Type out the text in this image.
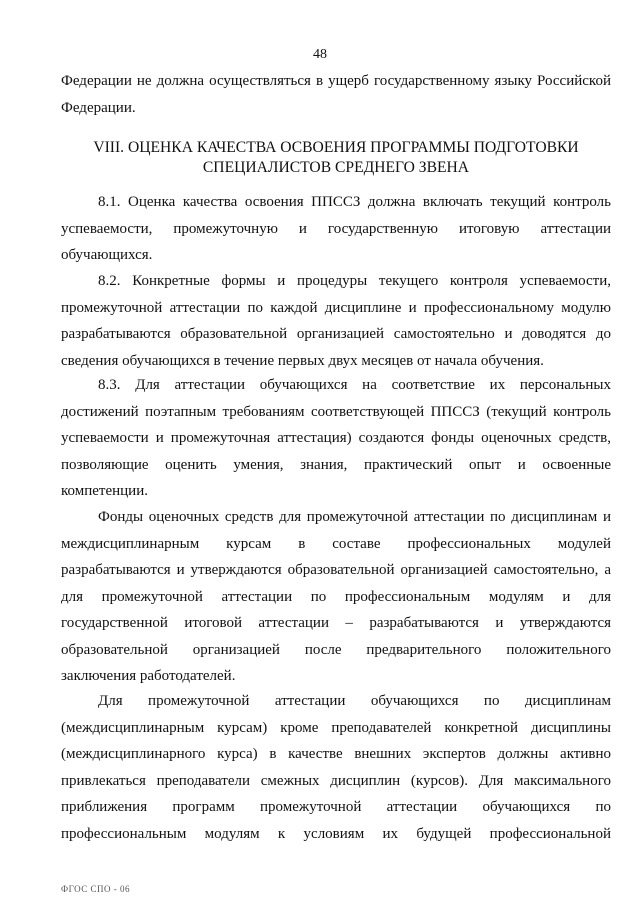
48
Федерации не должна осуществляться в ущерб государственному языку Российской
Федерации.
VIII. ОЦЕНКА КАЧЕСТВА ОСВОЕНИЯ ПРОГРАММЫ ПОДГОТОВКИ
СПЕЦИАЛИСТОВ СРЕДНЕГО ЗВЕНА
8.1. Оценка качества освоения ППССЗ должна включать текущий контроль
успеваемости, промежуточную и государственную итоговую аттестации
обучающихся.
8.2. Конкретные формы и процедуры текущего контроля успеваемости,
промежуточной аттестации по каждой дисциплине и профессиональному модулю
разрабатываются образовательной организацией самостоятельно и доводятся до
сведения обучающихся в течение первых двух месяцев от начала обучения.
8.3. Для аттестации обучающихся на соответствие их персональных
достижений поэтапным требованиям соответствующей ППССЗ (текущий контроль
успеваемости и промежуточная аттестация) создаются фонды оценочных средств,
позволяющие оценить умения, знания, практический опыт и освоенные
компетенции.
Фонды оценочных средств для промежуточной аттестации по дисциплинам и
междисциплинарным курсам в составе профессиональных модулей
разрабатываются и утверждаются образовательной организацией самостоятельно, а
для промежуточной аттестации по профессиональным модулям и для
государственной итоговой аттестации – разрабатываются и утверждаются
образовательной организацией после предварительного положительного
заключения работодателей.
Для промежуточной аттестации обучающихся по дисциплинам
(междисциплинарным курсам) кроме преподавателей конкретной дисциплины
(междисциплинарного курса) в качестве внешних экспертов должны активно
привлекаться преподаватели смежных дисциплин (курсов). Для максимального
приближения программ промежуточной аттестации обучающихся по
профессиональным модулям к условиям их будущей профессиональной
ФГОС СПО - 06
